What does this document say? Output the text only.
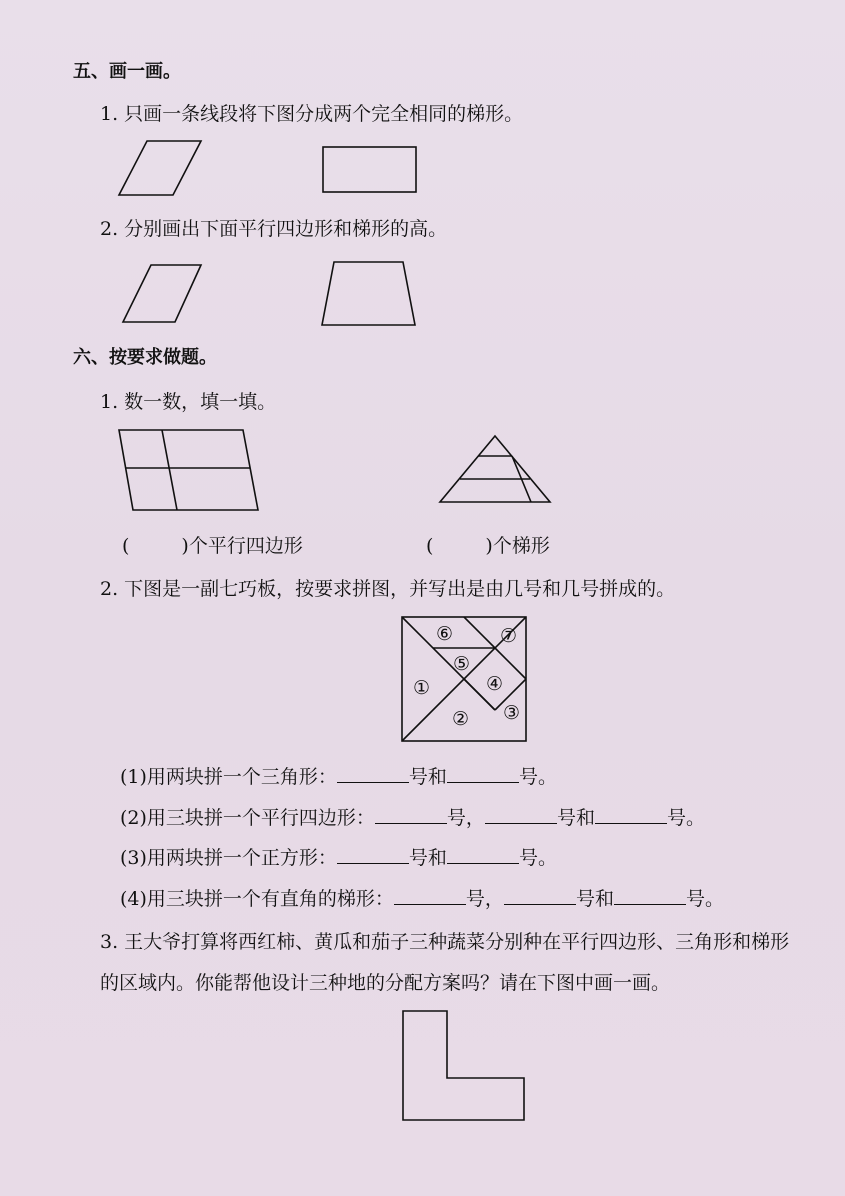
五、画一画。
1. 只画一条线段将下图分成两个完全相同的梯形。
2. 分别画出下面平行四边形和梯形的高。
六、按要求做题。
1. 数一数，填一填。
(	)个平行四边形	(	)个梯形
2. 下图是一副七巧板，按要求拼图，并写出是由几号和几号拼成的。
⑥ ⑦
⑤
①	④
② ③
(1)用两块拼一个三角形：	号和	号。
(2)用三块拼一个平行四边形：	号，	号和	号。
(3)用两块拼一个正方形：	号和	号。
(4)用三块拼一个有直角的梯形：	号，	号和	号。
3. 王大爷打算将西红柿、黄瓜和茄子三种蔬菜分别种在平行四边形、三角形和梯形
的区域内。你能帮他设计三种地的分配方案吗？请在下图中画一画。
